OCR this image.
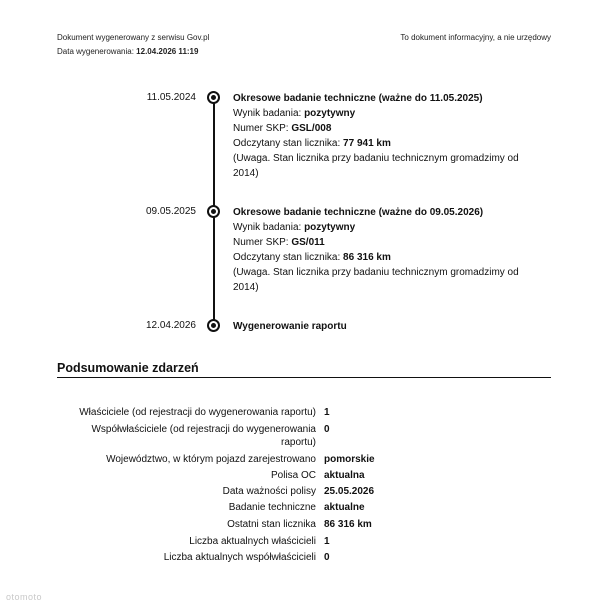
Dokument wygenerowany z serwisu Gov.pl
Data wygenerowania: 12.04.2026 11:19
To dokument informacyjny, a nie urzędowy
11.05.2024	Okresowe badanie techniczne (ważne do 11.05.2025)
Wynik badania: pozytywny
Numer SKP: GSL/008
Odczytany stan licznika: 77 941 km
(Uwaga. Stan licznika przy badaniu technicznym gromadzimy od
2014)
09.05.2025	Okresowe badanie techniczne (ważne do 09.05.2026)
Wynik badania: pozytywny
Numer SKP: GS/011
Odczytany stan licznika: 86 316 km
(Uwaga. Stan licznika przy badaniu technicznym gromadzimy od
2014)
12.04.2026	Wygenerowanie raportu
Podsumowanie zdarzeń
Właściciele (od rejestracji do wygenerowania raportu) 1
Współwłaściciele (od rejestracji do wygenerowania
raportu)
0
Województwo, w którym pojazd zarejestrowano pomorskie
Polisa OC aktualna
Data ważności polisy 25.05.2026
Badanie techniczne aktualne
Ostatni stan licznika 86 316 km
Liczba aktualnych właścicieli 1
Liczba aktualnych współwłaścicieli 0
otomoto
